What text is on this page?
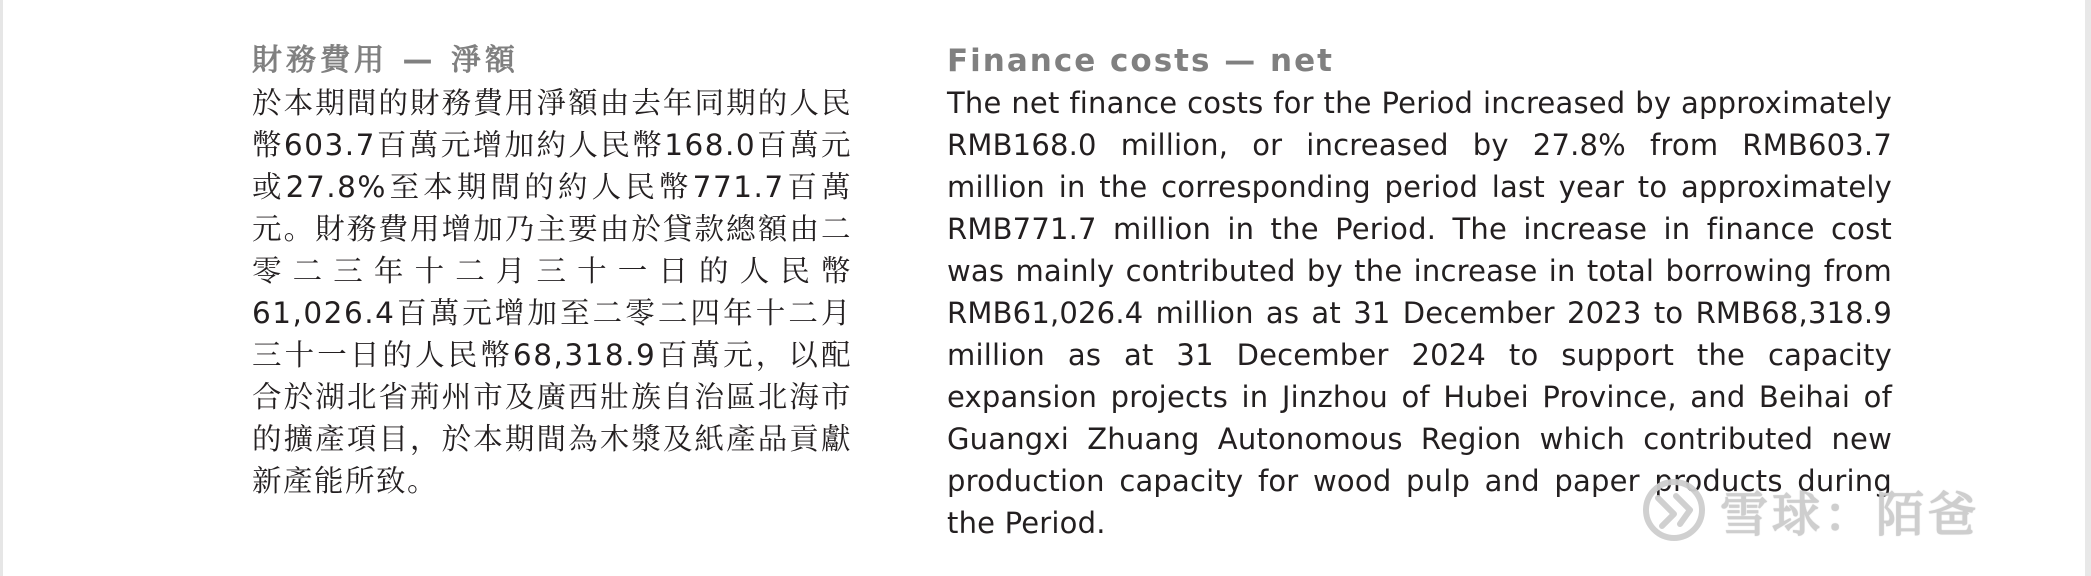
財務費用 — 淨額

於本期間的財務費用淨額由去年同期的人民幣603.7百萬元增加約人民幣168.0百萬元或27.8%至本期間的約人民幣771.7百萬元。財務費用增加乃主要由於貸款總額由二零二三年十二月三十一日的人民幣61,026.4百萬元增加至二零二四年十二月三十一日的人民幣68,318.9百萬元，以配合於湖北省荊州市及廣西壯族自治區北海市的擴產項目，於本期間為木漿及紙產品貢獻新產能所致。

Finance costs — net

The net finance costs for the Period increased by approximately RMB168.0 million, or increased by 27.8% from RMB603.7 million in the corresponding period last year to approximately RMB771.7 million in the Period. The increase in finance cost was mainly contributed by the increase in total borrowing from RMB61,026.4 million as at 31 December 2023 to RMB68,318.9 million as at 31 December 2024 to support the capacity expansion projects in Jinzhou of Hubei Province, and Beihai of Guangxi Zhuang Autonomous Region which contributed new production capacity for wood pulp and paper products during the Period.	雪球：陌爸
